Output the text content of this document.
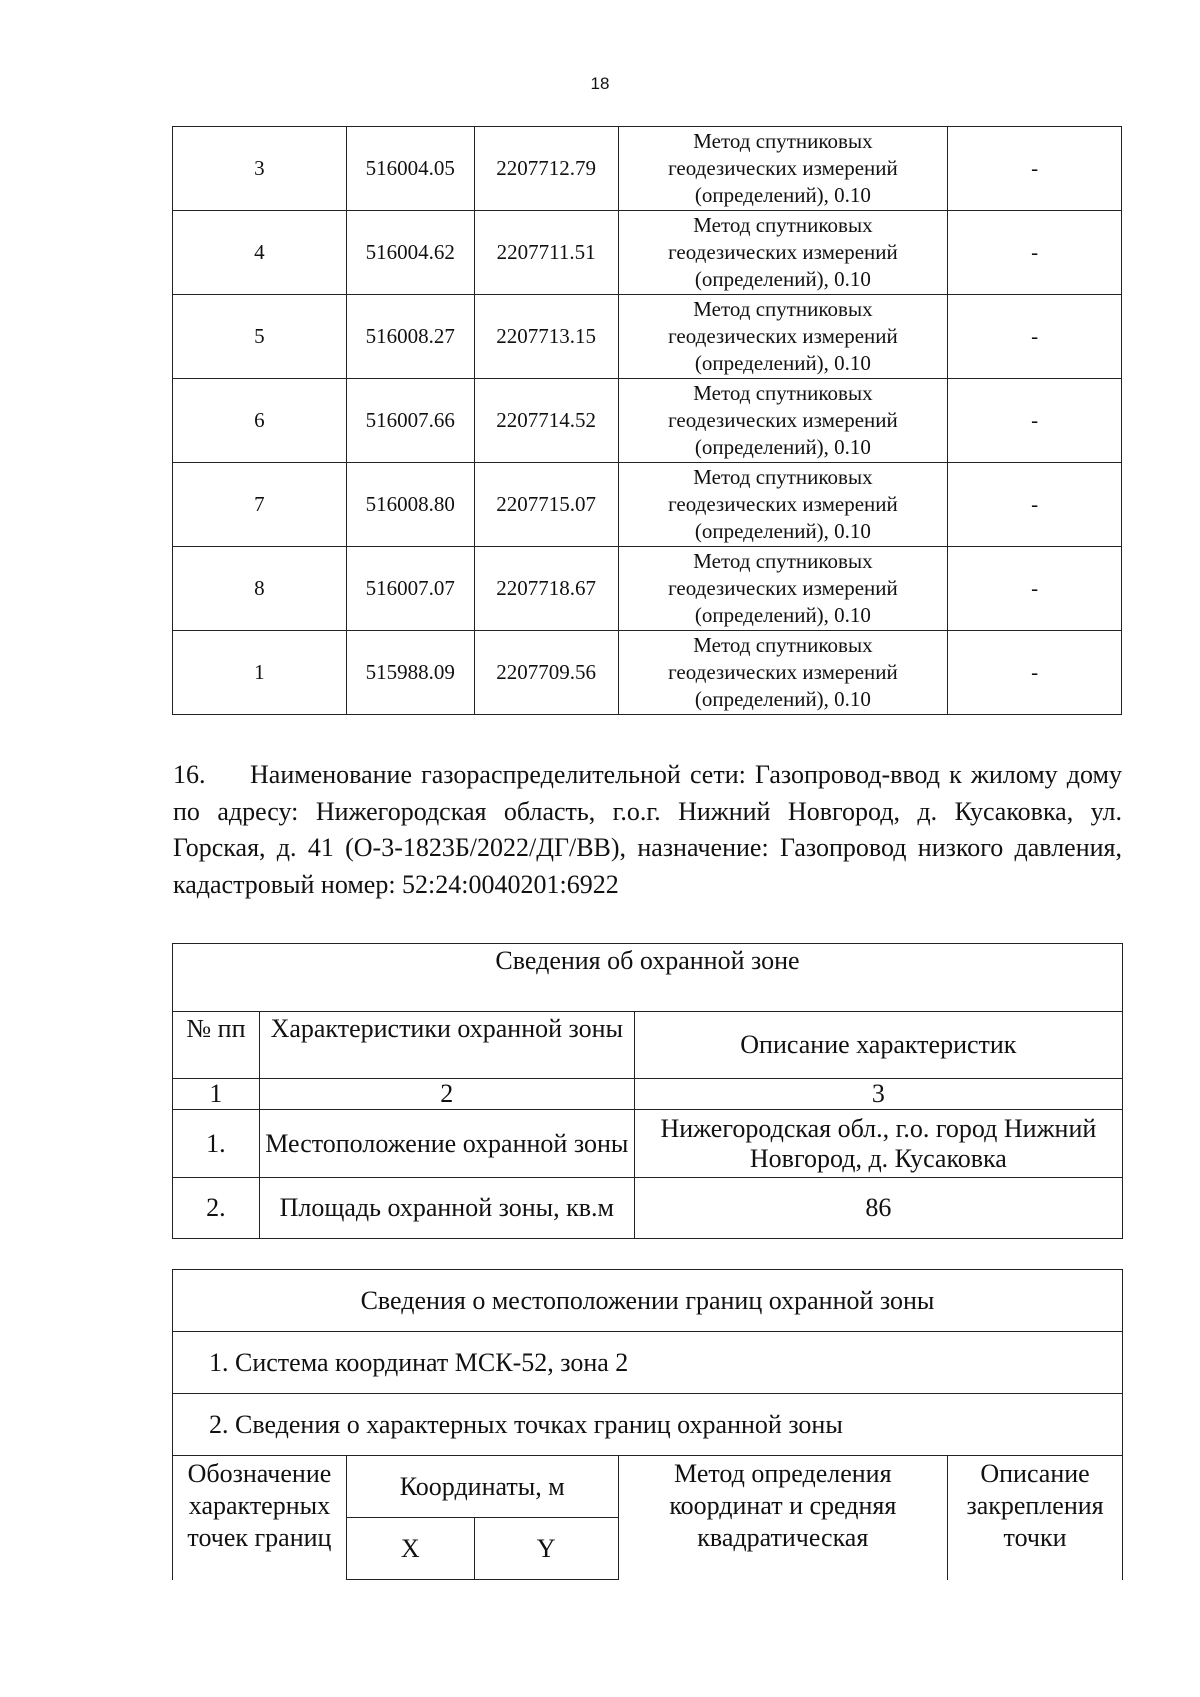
18
3	516004.05	2207712.79	Метод спутниковых
геодезических измерений
(определений), 0.10	-
4	516004.62	2207711.51	Метод спутниковых
геодезических измерений
(определений), 0.10	-
5	516008.27	2207713.15	Метод спутниковых
геодезических измерений
(определений), 0.10	-
6	516007.66	2207714.52	Метод спутниковых
геодезических измерений
(определений), 0.10	-
7	516008.80	2207715.07	Метод спутниковых
геодезических измерений
(определений), 0.10	-
8	516007.07	2207718.67	Метод спутниковых
геодезических измерений
(определений), 0.10	-
1	515988.09	2207709.56	Метод спутниковых
геодезических измерений
(определений), 0.10	-

16. Наименование газораспределительной сети: Газопровод-ввод к жилому дому по адресу: Нижегородская область, г.о.г. Нижний Новгород, д. Кусаковка, ул. Горская, д. 41 (О-3-1823Б/2022/ДГ/ВВ), назначение: Газопровод низкого давления, кадастровый номер: 52:24:0040201:6922

Сведения об охранной зоне		
№ пп	Характеристики охранной зоны	Описание характеристик
1	2	3
1.	Местоположение охранной зоны	Нижегородская обл., г.о. город Нижний Новгород, д. Кусаковка
2.	Площадь охранной зоны, кв.м	86
Сведения о местоположении границ охранной зоны				
1. Система координат МСК-52, зона 2				
2. Сведения о характерных точках границ охранной зоны				
Обозначение характерных точек границ	Координаты, м		Метод определения координат и средняя квадратическая	Описание закрепления точки
	X	Y		
